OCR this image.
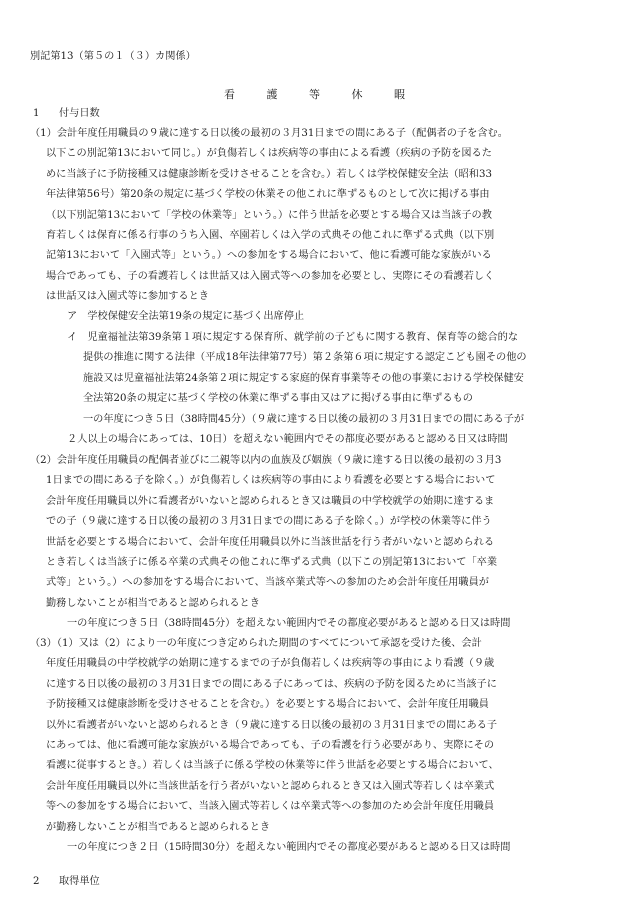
別記第13（第５の１（３）カ関係）
看	護	等	休	暇
1 付与日数
（1）会計年度任用職員の９歳に達する日以後の最初の３月31日までの間にある子（配偶者の子を含む。
以下この別記第13において同じ。）が負傷若しくは疾病等の事由による看護（疾病の予防を図るた
めに当該子に予防接種又は健康診断を受けさせることを含む。）若しくは学校保健安全法（昭和33
年法律第56号）第20条の規定に基づく学校の休業その他これに準ずるものとして次に掲げる事由
（以下別記第13において「学校の休業等」という。）に伴う世話を必要とする場合又は当該子の教
育若しくは保育に係る行事のうち入園、卒園若しくは入学の式典その他これに準ずる式典（以下別
記第13において「入園式等」という。）への参加をする場合において、他に看護可能な家族がいる
場合であっても、子の看護若しくは世話又は入園式等への参加を必要とし、実際にその看護若しく
は世話又は入園式等に参加するとき
ア　学校保健安全法第19条の規定に基づく出席停止
イ　児童福祉法第39条第１項に規定する保育所、就学前の子どもに関する教育、保育等の総合的な
提供の推進に関する法律（平成18年法律第77号）第２条第６項に規定する認定こども園その他の
施設又は児童福祉法第24条第２項に規定する家庭的保育事業等その他の事業における学校保健安
全法第20条の規定に基づく学校の休業に準ずる事由又はアに掲げる事由に準ずるもの
一の年度につき５日（38時間45分）（９歳に達する日以後の最初の３月31日までの間にある子が
２人以上の場合にあっては、10日）を超えない範囲内でその都度必要があると認める日又は時間
（2）会計年度任用職員の配偶者並びに二親等以内の血族及び姻族（９歳に達する日以後の最初の３月3
1日までの間にある子を除く。）が負傷若しくは疾病等の事由により看護を必要とする場合において
会計年度任用職員以外に看護者がいないと認められるとき又は職員の中学校就学の始期に達するま
での子（９歳に達する日以後の最初の３月31日までの間にある子を除く。）が学校の休業等に伴う
世話を必要とする場合において、会計年度任用職員以外に当該世話を行う者がいないと認められる
とき若しくは当該子に係る卒業の式典その他これに準ずる式典（以下この別記第13において「卒業
式等」という。）への参加をする場合において、当該卒業式等への参加のため会計年度任用職員が
勤務しないことが相当であると認められるとき
一の年度につき５日（38時間45分）を超えない範囲内でその都度必要があると認める日又は時間
（3）（1）又は（2）により一の年度につき定められた期間のすべてについて承認を受けた後、会計
年度任用職員の中学校就学の始期に達するまでの子が負傷若しくは疾病等の事由により看護（９歳
に達する日以後の最初の３月31日までの間にある子にあっては、疾病の予防を図るために当該子に
予防接種又は健康診断を受けさせることを含む。）を必要とする場合において、会計年度任用職員
以外に看護者がいないと認められるとき（９歳に達する日以後の最初の３月31日までの間にある子
にあっては、他に看護可能な家族がいる場合であっても、子の看護を行う必要があり、実際にその
看護に従事するとき。）若しくは当該子に係る学校の休業等に伴う世話を必要とする場合において、
会計年度任用職員以外に当該世話を行う者がいないと認められるとき又は入園式等若しくは卒業式
等への参加をする場合において、当該入園式等若しくは卒業式等への参加のため会計年度任用職員
が勤務しないことが相当であると認められるとき
一の年度につき２日（15時間30分）を超えない範囲内でその都度必要があると認める日又は時間
2 取得単位
